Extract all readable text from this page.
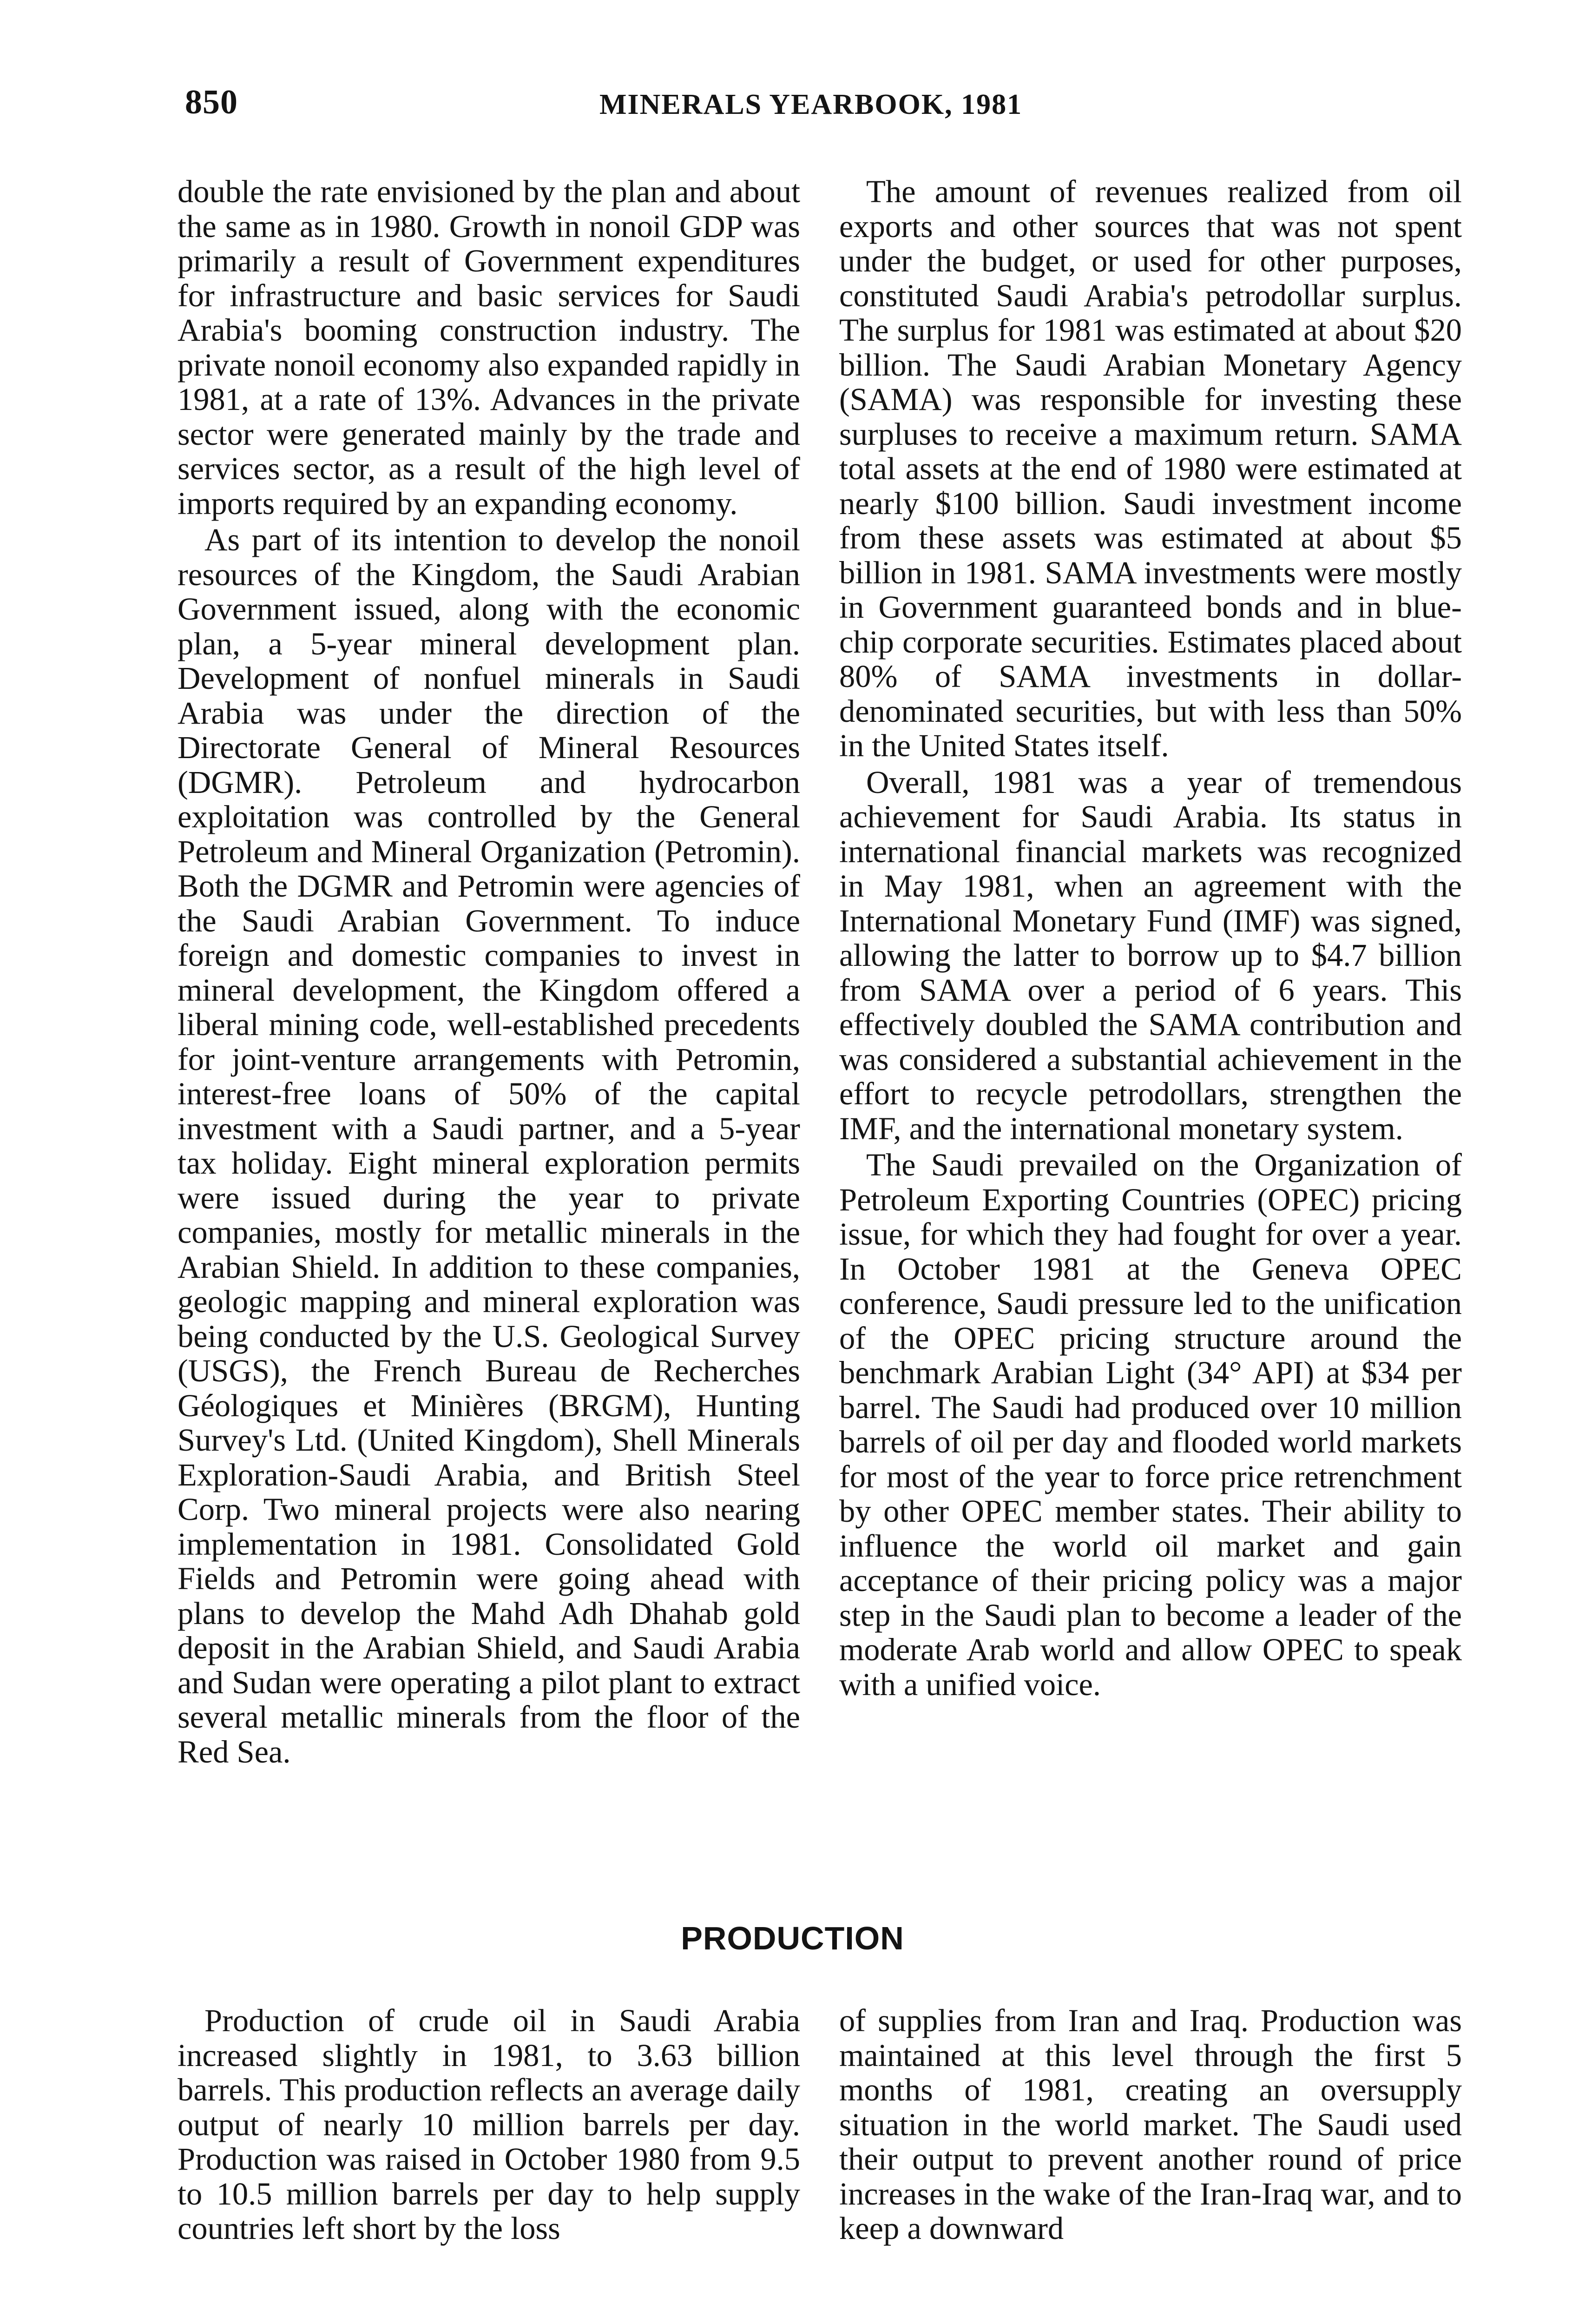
850	MINERALS YEARBOOK, 1981

double the rate envisioned by the plan and about the same as in 1980. Growth in nonoil GDP was primarily a result of Government expenditures for infrastructure and basic services for Saudi Arabia's booming construction industry. The private nonoil economy also expanded rapidly in 1981, at a rate of 13%. Advances in the private sector were generated mainly by the trade and services sector, as a result of the high level of imports required by an expanding economy.

As part of its intention to develop the nonoil resources of the Kingdom, the Saudi Arabian Government issued, along with the economic plan, a 5-year mineral development plan. Development of nonfuel minerals in Saudi Arabia was under the direction of the Directorate General of Mineral Resources (DGMR). Petroleum and hydrocarbon exploitation was controlled by the General Petroleum and Mineral Organization (Petromin). Both the DGMR and Petromin were agencies of the Saudi Arabian Government. To induce foreign and domestic companies to invest in mineral development, the Kingdom offered a liberal mining code, well-established precedents for joint-venture arrangements with Petromin, interest-free loans of 50% of the capital investment with a Saudi partner, and a 5-year tax holiday. Eight mineral exploration permits were issued during the year to private companies, mostly for metallic minerals in the Arabian Shield. In addition to these companies, geologic mapping and mineral exploration was being conducted by the U.S. Geological Survey (USGS), the French Bureau de Recherches Géologiques et Minières (BRGM), Hunting Survey's Ltd. (United Kingdom), Shell Minerals Exploration-Saudi Arabia, and British Steel Corp. Two mineral projects were also nearing implementation in 1981. Consolidated Gold Fields and Petromin were going ahead with plans to develop the Mahd Adh Dhahab gold deposit in the Arabian Shield, and Saudi Arabia and Sudan were operating a pilot plant to extract several metallic minerals from the floor of the Red Sea.

The amount of revenues realized from oil exports and other sources that was not spent under the budget, or used for other purposes, constituted Saudi Arabia's petrodollar surplus. The surplus for 1981 was estimated at about $20 billion. The Saudi Arabian Monetary Agency (SAMA) was responsible for investing these surpluses to receive a maximum return. SAMA total assets at the end of 1980 were estimated at nearly $100 billion. Saudi investment income from these assets was estimated at about $5 billion in 1981. SAMA investments were mostly in Government guaranteed bonds and in blue-chip corporate securities. Estimates placed about 80% of SAMA investments in dollar-denominated securities, but with less than 50% in the United States itself.

Overall, 1981 was a year of tremendous achievement for Saudi Arabia. Its status in international financial markets was recognized in May 1981, when an agreement with the International Monetary Fund (IMF) was signed, allowing the latter to borrow up to $4.7 billion from SAMA over a period of 6 years. This effectively doubled the SAMA contribution and was considered a substantial achievement in the effort to recycle petrodollars, strengthen the IMF, and the international monetary system.

The Saudi prevailed on the Organization of Petroleum Exporting Countries (OPEC) pricing issue, for which they had fought for over a year. In October 1981 at the Geneva OPEC conference, Saudi pressure led to the unification of the OPEC pricing structure around the benchmark Arabian Light (34° API) at $34 per barrel. The Saudi had produced over 10 million barrels of oil per day and flooded world markets for most of the year to force price retrenchment by other OPEC member states. Their ability to influence the world oil market and gain acceptance of their pricing policy was a major step in the Saudi plan to become a leader of the moderate Arab world and allow OPEC to speak with a unified voice.

PRODUCTION

Production of crude oil in Saudi Arabia increased slightly in 1981, to 3.63 billion barrels. This production reflects an average daily output of nearly 10 million barrels per day. Production was raised in October 1980 from 9.5 to 10.5 million barrels per day to help supply countries left short by the loss

of supplies from Iran and Iraq. Production was maintained at this level through the first 5 months of 1981, creating an oversupply situation in the world market. The Saudi used their output to prevent another round of price increases in the wake of the Iran-Iraq war, and to keep a downward
